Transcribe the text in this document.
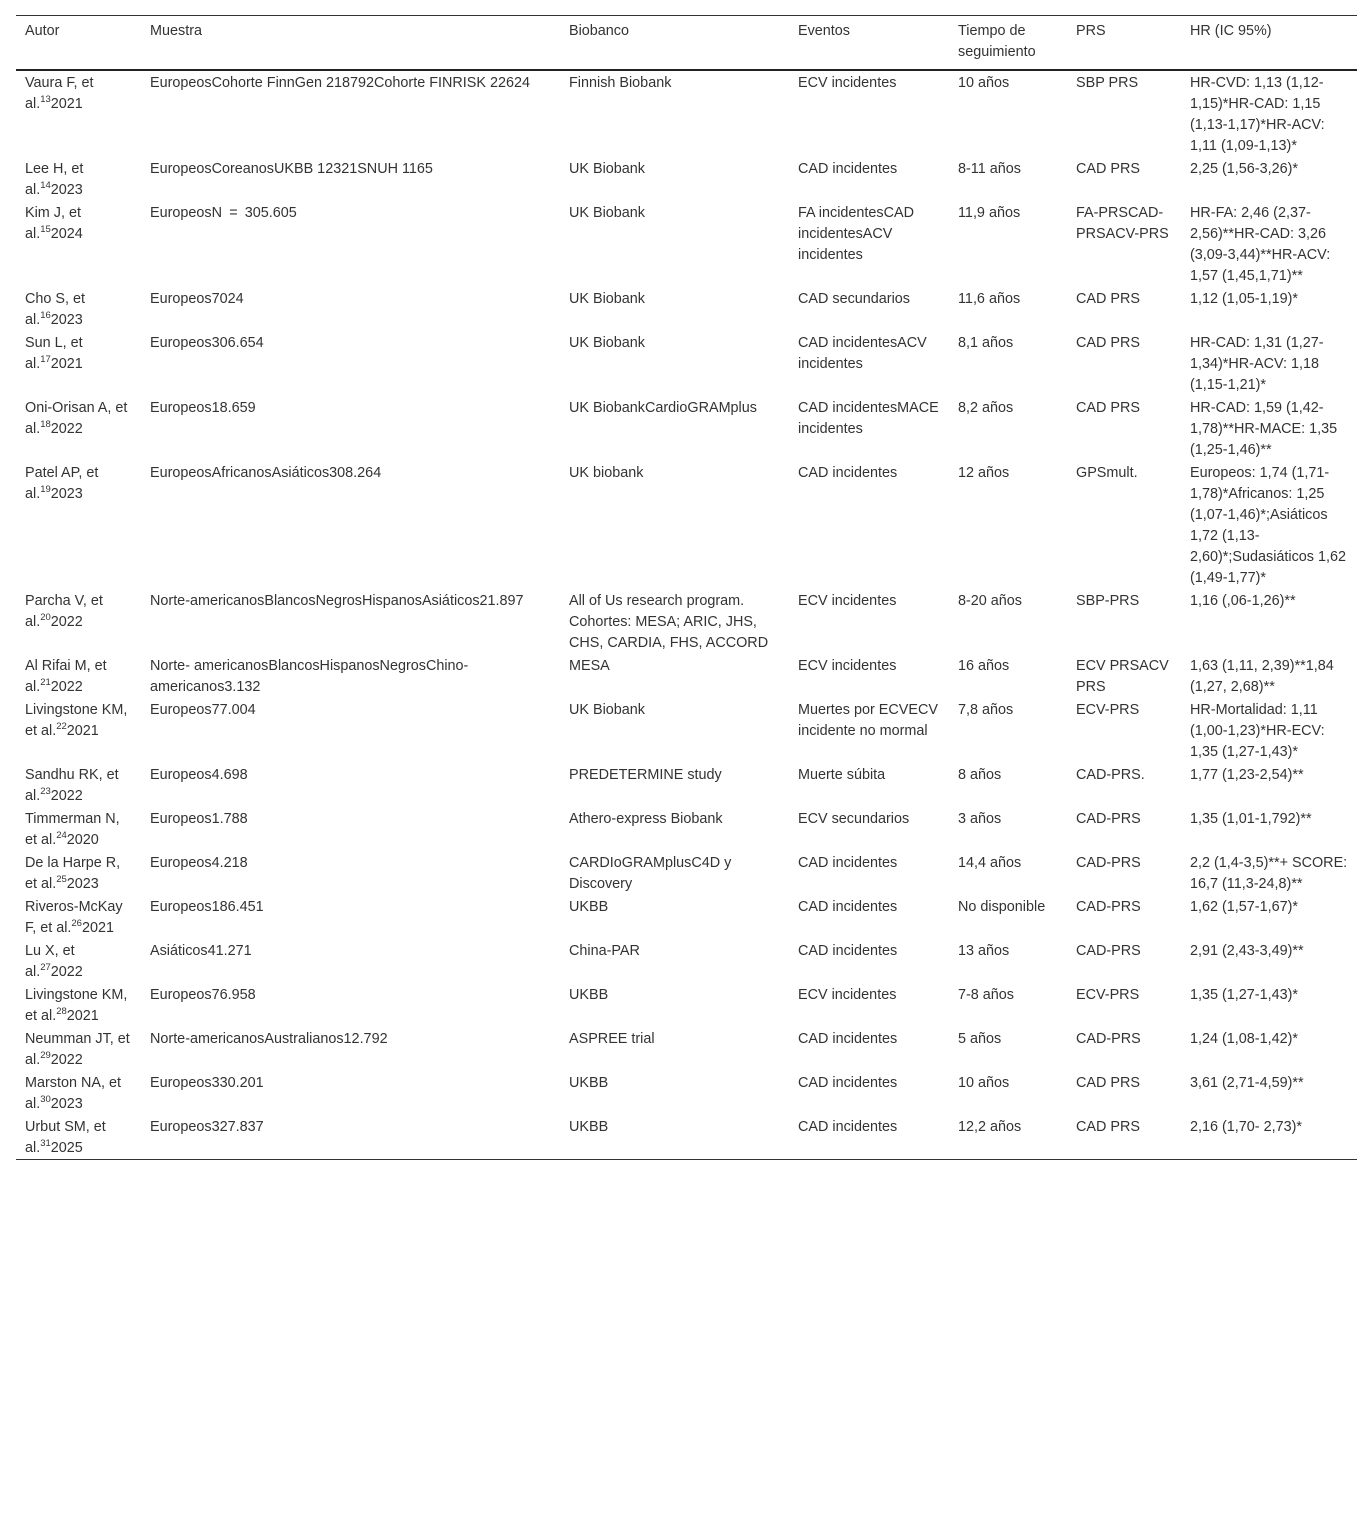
Autor	Muestra	Biobanco	Eventos	Tiempo de seguimiento	PRS	HR (IC 95%)
Vaura F, et al.$^{13}$2021	EuropeosCohorte FinnGen 218792Cohorte FINRISK 22624	Finnish Biobank	ECV incidentes	10 años	SBP PRS	HR-CVD: 1,13 (1,12-1,15)*HR-CAD: 1,15 (1,13-1,17)*HR-ACV: 1,11 (1,09-1,13)*
Lee H, et al.$^{14}$2023	EuropeosCoreanosUKBB 12321SNUH 1165	UK Biobank	CAD incidentes	8-11 años	CAD PRS	2,25 (1,56-3,26)*
Kim J, et al.$^{15}$2024	EuropeosN  =  305.605	UK Biobank	FA incidentesCAD incidentesACV incidentes	11,9 años	FA-PRSCAD-PRSACV-PRS	HR-FA: 2,46 (2,37-2,56)**HR-CAD: 3,26 (3,09-3,44)**HR-ACV: 1,57 (1,45,1,71)**
Cho S, et al.$^{16}$2023	Europeos7024	UK Biobank	CAD secundarios	11,6 años	CAD PRS	1,12 (1,05-1,19)*
Sun L, et al.$^{17}$2021	Europeos306.654	UK Biobank	CAD incidentesACV incidentes	8,1 años	CAD PRS	HR-CAD: 1,31 (1,27-1,34)*HR-ACV: 1,18 (1,15-1,21)*
Oni-Orisan A, et al.$^{18}$2022	Europeos18.659	UK BiobankCardioGRAMplus	CAD incidentesMACE incidentes	8,2 años	CAD PRS	HR-CAD: 1,59 (1,42-1,78)**HR-MACE: 1,35 (1,25-1,46)**
Patel AP, et al.$^{19}$2023	EuropeosAfricanosAsiáticos308.264	UK biobank	CAD incidentes	12 años	GPSmult.	Europeos: 1,74 (1,71-1,78)*Africanos: 1,25 (1,07-1,46)*;Asiáticos 1,72 (1,13-2,60)*;Sudasiáticos 1,62 (1,49-1,77)*
Parcha V, et al.$^{20}$2022	Norte-americanosBlancosNegrosHispanosAsiáticos21.897	All of Us research program. Cohortes: MESA; ARIC, JHS, CHS, CARDIA, FHS, ACCORD	ECV incidentes	8-20 años	SBP-PRS	1,16 (,06-1,26)**
Al Rifai M, et al.$^{21}$2022	Norte- americanosBlancosHispanosNegrosChino-americanos3.132	MESA	ECV incidentes	16 años	ECV PRSACV PRS	1,63 (1,11, 2,39)**1,84 (1,27, 2,68)**
Livingstone KM, et al.$^{22}$2021	Europeos77.004	UK Biobank	Muertes por ECVECV incidente no mormal	7,8 años	ECV-PRS	HR-Mortalidad: 1,11 (1,00-1,23)*HR-ECV: 1,35 (1,27-1,43)*
Sandhu RK, et al.$^{23}$2022	Europeos4.698	PREDETERMINE study	Muerte súbita	8 años	CAD-PRS.	1,77 (1,23-2,54)**
Timmerman N, et al.$^{24}$2020	Europeos1.788	Athero-express Biobank	ECV secundarios	3 años	CAD-PRS	1,35 (1,01-1,792)**
De la Harpe R, et al.$^{25}$2023	Europeos4.218	CARDIoGRAMplusC4D y Discovery	CAD incidentes	14,4 años	CAD-PRS	2,2 (1,4-3,5)**+ SCORE: 16,7 (11,3-24,8)**
Riveros-McKay F, et al.$^{26}$2021	Europeos186.451	UKBB	CAD incidentes	No disponible	CAD-PRS	1,62 (1,57-1,67)*
Lu X, et al.$^{27}$2022	Asiáticos41.271	China-PAR	CAD incidentes	13 años	CAD-PRS	2,91 (2,43-3,49)**
Livingstone KM, et al.$^{28}$2021	Europeos76.958	UKBB	ECV incidentes	7-8 años	ECV-PRS	1,35 (1,27-1,43)*
Neumman JT, et al.$^{29}$2022	Norte-americanosAustralianos12.792	ASPREE trial	CAD incidentes	5 años	CAD-PRS	1,24 (1,08-1,42)*
Marston NA, et al.$^{30}$2023	Europeos330.201	UKBB	CAD incidentes	10 años	CAD PRS	3,61 (2,71-4,59)**
Urbut SM, et al.$^{31}$2025	Europeos327.837	UKBB	CAD incidentes	12,2 años	CAD PRS	2,16 (1,70- 2,73)*
